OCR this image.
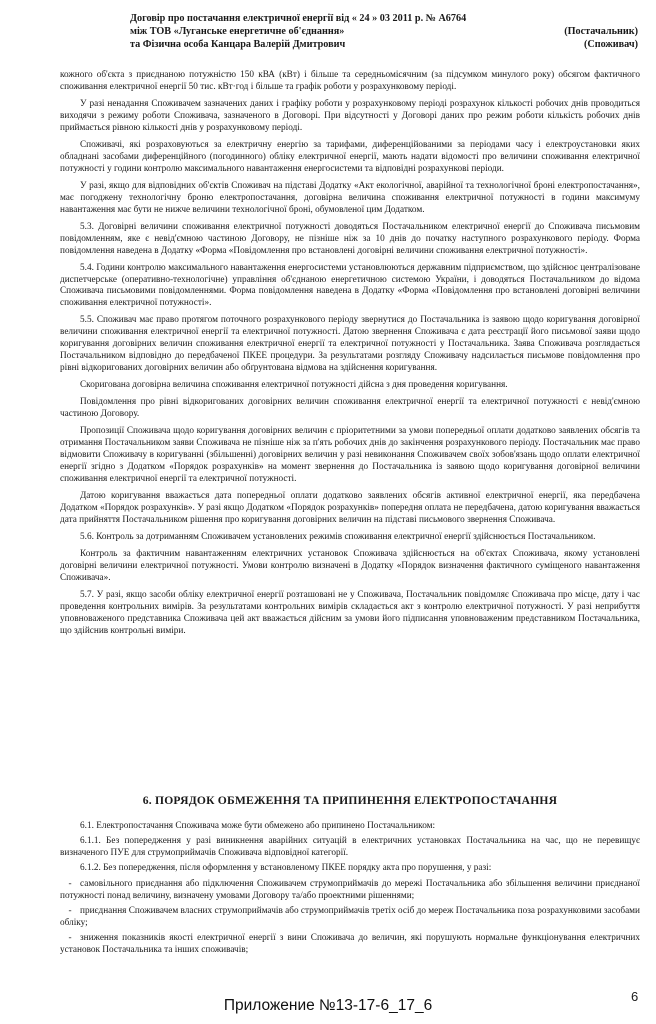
Договір про постачання електричної енергії від « 24 » 03 2011 р. № А6764
між ТОВ «Луганське енергетичне об'єднання»	(Постачальник)
та Фізична особа Канцара Валерій Дмитрович	(Споживач)

кожного об'єкта з приєднаною потужністю 150 кВА (кВт) і більше та середньомісячним (за підсумком минулого року) обсягом фактичного споживання електричної енергії 50 тис. кВт·год і більше та графік роботи у розрахунковому періоді.

У разі ненадання Споживачем зазначених даних і графіку роботи у розрахунковому періоді розрахунок кількості робочих днів проводиться виходячи з режиму роботи Споживача, зазначеного в Договорі. При відсутності у Договорі даних про режим роботи кількість робочих днів приймається рівною кількості днів у розрахунковому періоді.

Споживачі, які розраховуються за електричну енергію за тарифами, диференційованими за періодами часу і електроустановки яких обладнані засобами диференційного (погодинного) обліку електричної енергії, мають надати відомості про величини споживання електричної потужності у години контролю максимального навантаження енергосистеми та відповідні розрахункові періоди.

У разі, якщо для відповідних об'єктів Споживач на підставі Додатку «Акт екологічної, аварійної та технологічної броні електропостачання», має погоджену технологічну броню електропостачання, договірна величина споживання електричної потужності в години максимуму навантаження має бути не нижче величини технологічної броні, обумовленої цим Додатком.

5.3. Договірні величини споживання електричної потужності доводяться Постачальником електричної енергії до Споживача письмовим повідомленням, яке є невід'ємною частиною Договору, не пізніше ніж за 10 днів до початку наступного розрахункового періоду. Форма повідомлення наведена в Додатку «Форма «Повідомлення про встановлені договірні величини споживання електричної потужності».

5.4. Години контролю максимального навантаження енергосистеми установлюються державним підприємством, що здійснює централізоване диспетчерське (оперативно-технологічне) управління об'єднаною енергетичною системою України, і доводяться Постачальником до відома Споживача письмовими повідомленнями. Форма повідомлення наведена в Додатку «Форма «Повідомлення про встановлені договірні величини споживання електричної потужності».

5.5. Споживач має право протягом поточного розрахункового періоду звернутися до Постачальника із заявою щодо коригування договірної величини споживання електричної енергії та електричної потужності. Датою звернення Споживача є дата реєстрації його письмової заяви щодо коригування договірних величин споживання електричної енергії та електричної потужності у Постачальника. Заява Споживача розглядається Постачальником відповідно до передбаченої ПКЕЕ процедури. За результатами розгляду Споживачу надсилається письмове повідомлення про рівні відкоригованих договірних величин або обґрунтована відмова на здійснення коригування.

Скоригована договірна величина споживання електричної потужності дійсна з дня проведення коригування.

Повідомлення про рівні відкоригованих договірних величин споживання електричної енергії та електричної потужності є невід'ємною частиною Договору.

Пропозиції Споживача щодо коригування договірних величин є пріоритетними за умови попередньої оплати додатково заявлених обсягів та отримання Постачальником заяви Споживача не пізніше ніж за п'ять робочих днів до закінчення розрахункового періоду. Постачальник має право відмовити Споживачу в коригуванні (збільшенні) договірних величин у разі невиконання Споживачем своїх зобов'язань щодо оплати електричної енергії згідно з Додатком «Порядок розрахунків» на момент звернення до Постачальника із заявою щодо коригування договірної величини споживання електричної енергії та електричної потужності.

Датою коригування вважається дата попередньої оплати додатково заявлених обсягів активної електричної енергії, яка передбачена Додатком «Порядок розрахунків». У разі якщо Додатком «Порядок розрахунків» попередня оплата не передбачена, датою коригування вважається дата прийняття Постачальником рішення про коригування договірних величин на підставі письмового звернення Споживача.

5.6. Контроль за дотриманням Споживачем установлених режимів споживання електричної енергії здійснюється Постачальником.

Контроль за фактичним навантаженням електричних установок Споживача здійснюється на об'єктах Споживача, якому установлені договірні величини електричної потужності. Умови контролю визначені в Додатку «Порядок визначення фактичного суміщеного навантаження Споживача».

5.7. У разі, якщо засоби обліку електричної енергії розташовані не у Споживача, Постачальник повідомляє Споживача про місце, дату і час проведення контрольних вимірів. За результатами контрольних вимірів складається акт з контролю електричної потужності. У разі неприбуття уповноваженого представника Споживача цей акт вважається дійсним за умови його підписання уповноваженим представником Постачальника, що здійснив контрольні виміри.

6. ПОРЯДОК ОБМЕЖЕННЯ ТА ПРИПИНЕННЯ ЕЛЕКТРОПОСТАЧАННЯ

6.1. Електропостачання Споживача може бути обмежено або припинено Постачальником:

6.1.1. Без попередження у разі виникнення аварійних ситуацій в електричних установках Постачальника на час, що не перевищує визначеного ПУЕ для струмоприймачів Споживача відповідної категорії.

6.1.2. Без попередження, після оформлення у встановленому ПКЕЕ порядку акта про порушення, у разі:

- самовільного приєднання або підключення Споживачем струмоприймачів до мережі Постачальника або збільшення величини приєднаної потужності понад величину, визначену умовами Договору та/або проектними рішеннями;

- приєднання Споживачем власних струмоприймачів або струмоприймачів третіх осіб до мереж Постачальника поза розрахунковими засобами обліку;

- зниження показників якості електричної енергії з вини Споживача до величин, які порушують нормальне функціонування електричних установок Постачальника та інших споживачів;

6
Приложение №13-17-6_17_6
